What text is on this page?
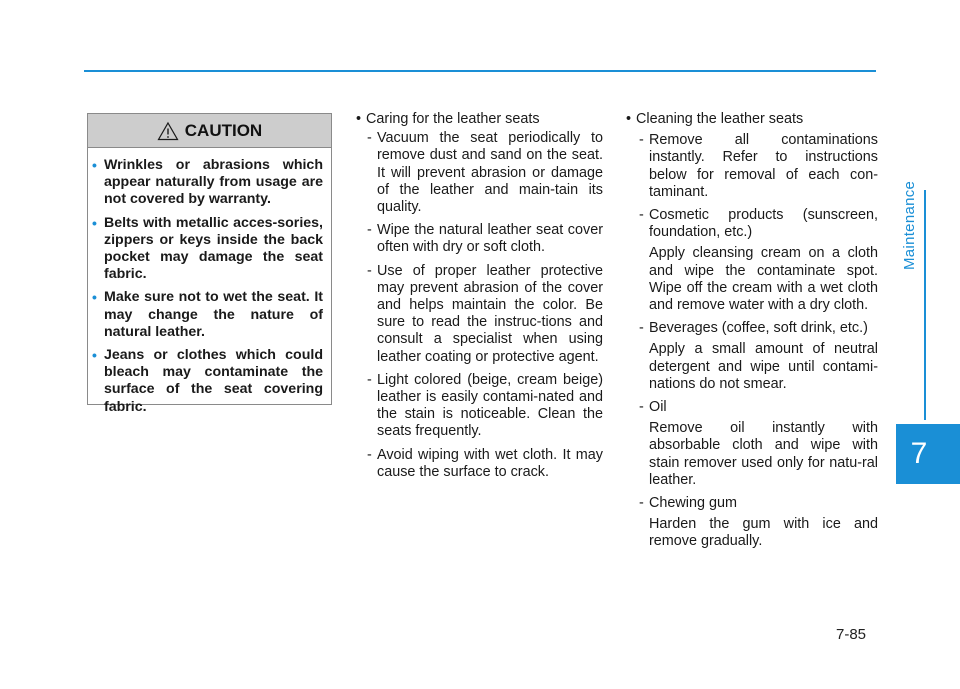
Maintenance
7
CAUTION
• Wrinkles or abrasions which appear naturally from usage are not covered by warranty.
• Belts with metallic acces-sories, zippers or keys inside the back pocket may damage the seat fabric.
• Make sure not to wet the seat. It may change the nature of natural leather.
• Jeans or clothes which could bleach may contaminate the surface of the seat covering fabric.
• Caring for the leather seats
- Vacuum the seat periodically to remove dust and sand on the seat. It will prevent abrasion or damage of the leather and main-tain its quality.
- Wipe the natural leather seat cover often with dry or soft cloth.
- Use of proper leather protective may prevent abrasion of the cover and helps maintain the color. Be sure to read the instruc-tions and consult a specialist when using leather coating or protective agent.
- Light colored (beige, cream beige) leather is easily contami-nated and the stain is noticeable. Clean the seats frequently.
- Avoid wiping with wet cloth. It may cause the surface to crack.
• Cleaning the leather seats
- Remove all contaminations instantly. Refer to instructions below for removal of each con-taminant.
- Cosmetic products (sunscreen, foundation, etc.)
Apply cleansing cream on a cloth and wipe the contaminate spot. Wipe off the cream with a wet cloth and remove water with a dry cloth.
- Beverages (coffee, soft drink, etc.)
Apply a small amount of neutral detergent and wipe until contami-nations do not smear.
- Oil
Remove oil instantly with absorbable cloth and wipe with stain remover used only for natu-ral leather.
- Chewing gum
Harden the gum with ice and remove gradually.
7-85
